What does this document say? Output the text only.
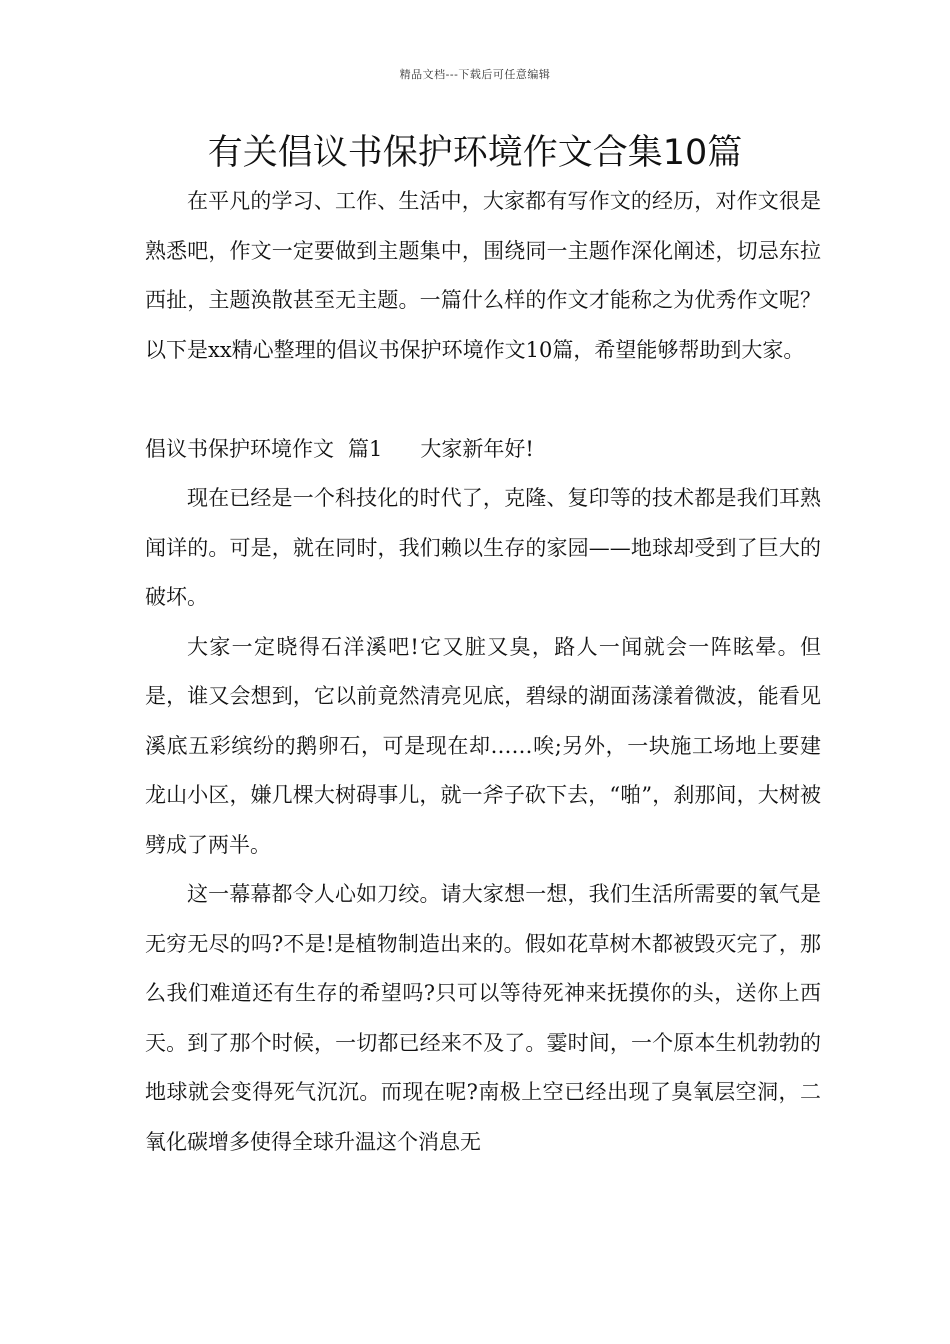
精品文档---下载后可任意编辑
有关倡议书保护环境作文合集10篇

在平凡的学习、工作、生活中，大家都有写作文的经历，对作文很是熟悉吧，作文一定要做到主题集中，围绕同一主题作深化阐述，切忌东拉西扯，主题涣散甚至无主题。一篇什么样的作文才能称之为优秀作文呢？以下是xx精心整理的倡议书保护环境作文10篇，希望能够帮助到大家。

倡议书保护环境作文 篇1 大家新年好!

现在已经是一个科技化的时代了，克隆、复印等的技术都是我们耳熟闻详的。可是，就在同时，我们赖以生存的家园——地球却受到了巨大的破坏。

大家一定晓得石洋溪吧!它又脏又臭，路人一闻就会一阵眩晕。但是，谁又会想到，它以前竟然清亮见底，碧绿的湖面荡漾着微波，能看见溪底五彩缤纷的鹅卵石，可是现在却……唉;另外，一块施工场地上要建龙山小区，嫌几棵大树碍事儿，就一斧子砍下去，“啪”，刹那间，大树被劈成了两半。

这一幕幕都令人心如刀绞。请大家想一想，我们生活所需要的氧气是无穷无尽的吗?不是!是植物制造出来的。假如花草树木都被毁灭完了，那么我们难道还有生存的希望吗?只可以等待死神来抚摸你的头，送你上西天。到了那个时候，一切都已经来不及了。霎时间，一个原本生机勃勃的地球就会变得死气沉沉。而现在呢?南极上空已经出现了臭氧层空洞，二氧化碳增多使得全球升温这个消息无
